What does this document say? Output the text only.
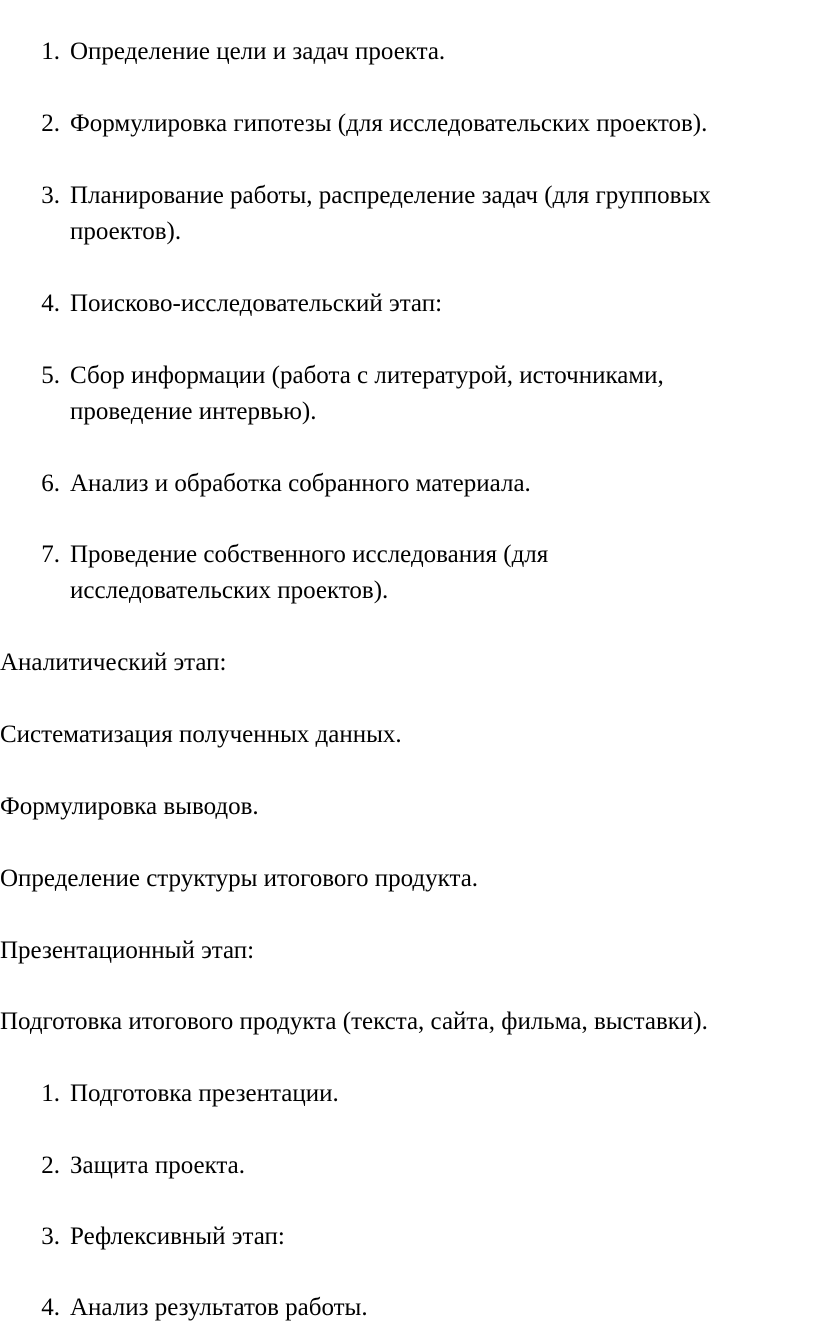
1. Определение цели и задач проекта.
2. Формулировка гипотезы (для исследовательских проектов).
3. Планирование работы, распределение задач (для групповых
проектов).
4. Поисково-исследовательский этап:
5. Сбор информации (работа с литературой, источниками,
проведение интервью).
6. Анализ и обработка собранного материала.
7. Проведение собственного исследования (для
исследовательских проектов).
Аналитический этап:
Систематизация полученных данных.
Формулировка выводов.
Определение структуры итогового продукта.
Презентационный этап:
Подготовка итогового продукта (текста, сайта, фильма, выставки).
1. Подготовка презентации.
2. Защита проекта.
3. Рефлексивный этап:
4. Анализ результатов работы.
